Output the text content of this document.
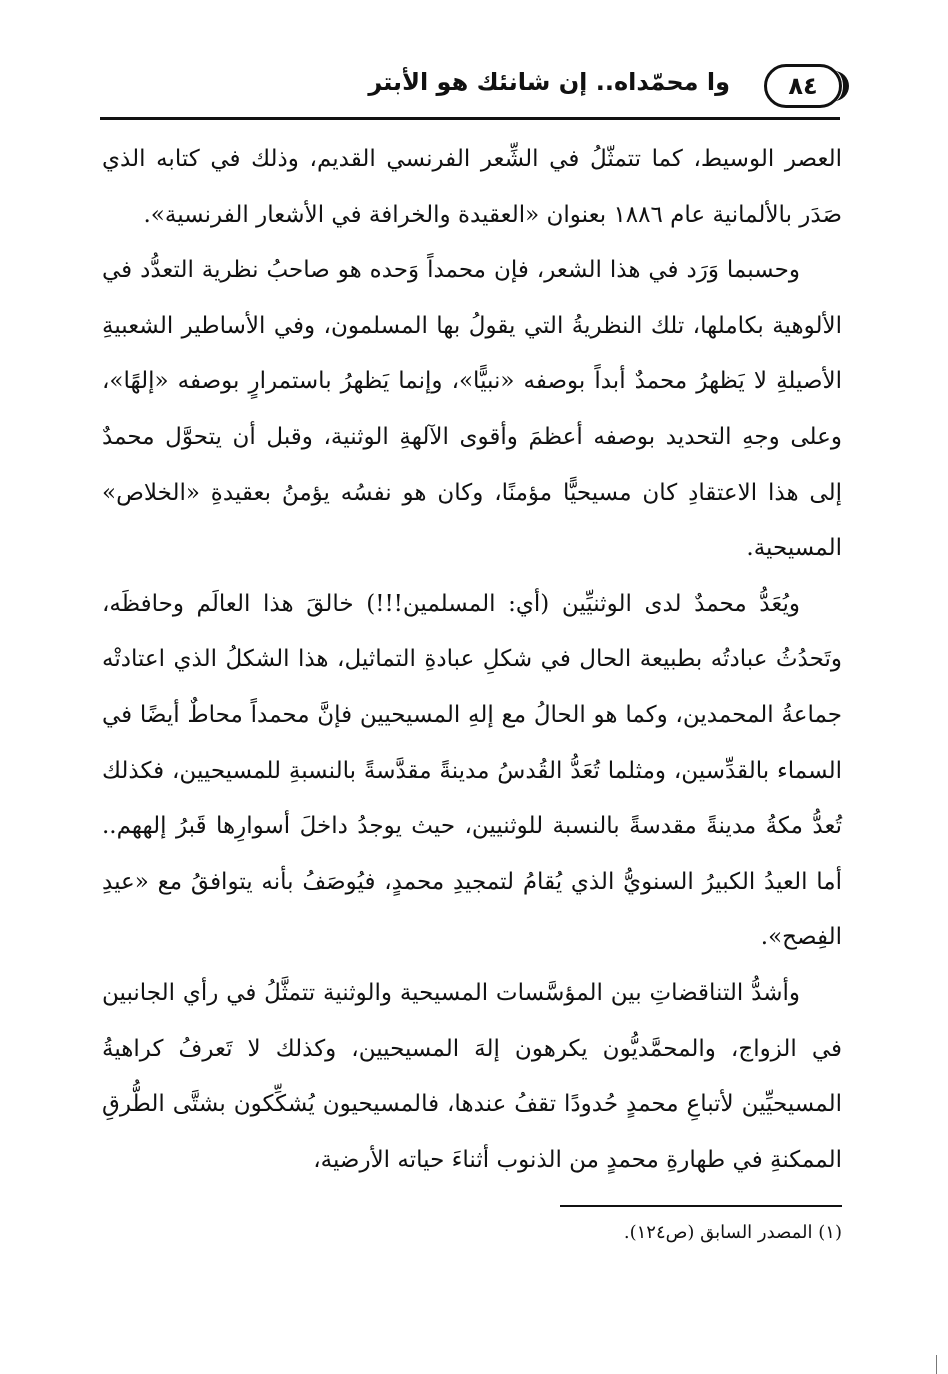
٨٤
وا محمّداه.. إن شانئك هو الأبتر

العصر الوسيط، كما تتمثّلُ في الشِّعر الفرنسي القديم، وذلك في كتابه الذي صَدَر بالألمانية عام ١٨٨٦ بعنوان «العقيدة والخرافة في الأشعار الفرنسية».

وحسبما وَرَد في هذا الشعر، فإن محمداً وَحده هو صاحبُ نظرية التعدُّد في الألوهية بكاملها، تلك النظريةُ التي يقولُ بها المسلمون، وفي الأساطير الشعبيةِ الأصيلةِ لا يَظهرُ محمدٌ أبداً بوصفه «نبيًّا»، وإنما يَظهرُ باستمرارٍ بوصفه «إلهًا»، وعلى وجهِ التحديد بوصفه أعظمَ وأقوى الآلهةِ الوثنية، وقبل أن يتحوَّل محمدٌ إلى هذا الاعتقادِ كان مسيحيًّا مؤمنًا، وكان هو نفسُه يؤمنُ بعقيدةِ «الخلاص» المسيحية.

ويُعَدُّ محمدٌ لدى الوثنيِّين (أي: المسلمين!!!) خالقَ هذا العالَم وحافظَه، وتَحدُثُ عبادتُه بطبيعة الحال في شكلِ عبادةِ التماثيل، هذا الشكلُ الذي اعتادتْه جماعةُ المحمدين، وكما هو الحالُ مع إلهِ المسيحيين فإنَّ محمداً محاطٌ أيضًا في السماء بالقدِّسين، ومثلما تُعَدُّ القُدسُ مدينةً مقدَّسةً بالنسبةِ للمسيحيين، فكذلك تُعدُّ مكةُ مدينةً مقدسةً بالنسبة للوثنيين، حيث يوجدُ داخلَ أسوارِها قَبرُ إلههم.. أما العيدُ الكبيرُ السنويُّ الذي يُقامُ لتمجيدِ محمدٍ، فيُوصَفُ بأنه يتوافقُ مع «عيدِ الفِصح».

وأشدُّ التناقضاتِ بين المؤسَّسات المسيحية والوثنية تتمثَّلُ في رأي الجانبين في الزواج، والمحمَّديُّون يكرهون إلهَ المسيحيين، وكذلك لا تَعرفُ كراهيةُ المسيحيِّين لأتباعِ محمدٍ حُدودًا تقفُ عندها، فالمسيحيون يُشكِّكون بشتَّى الطُّرقِ الممكنةِ في طهارةِ محمدٍ من الذنوب أثناءَ حياته الأرضية،

(١) المصدر السابق (ص١٢٤).
